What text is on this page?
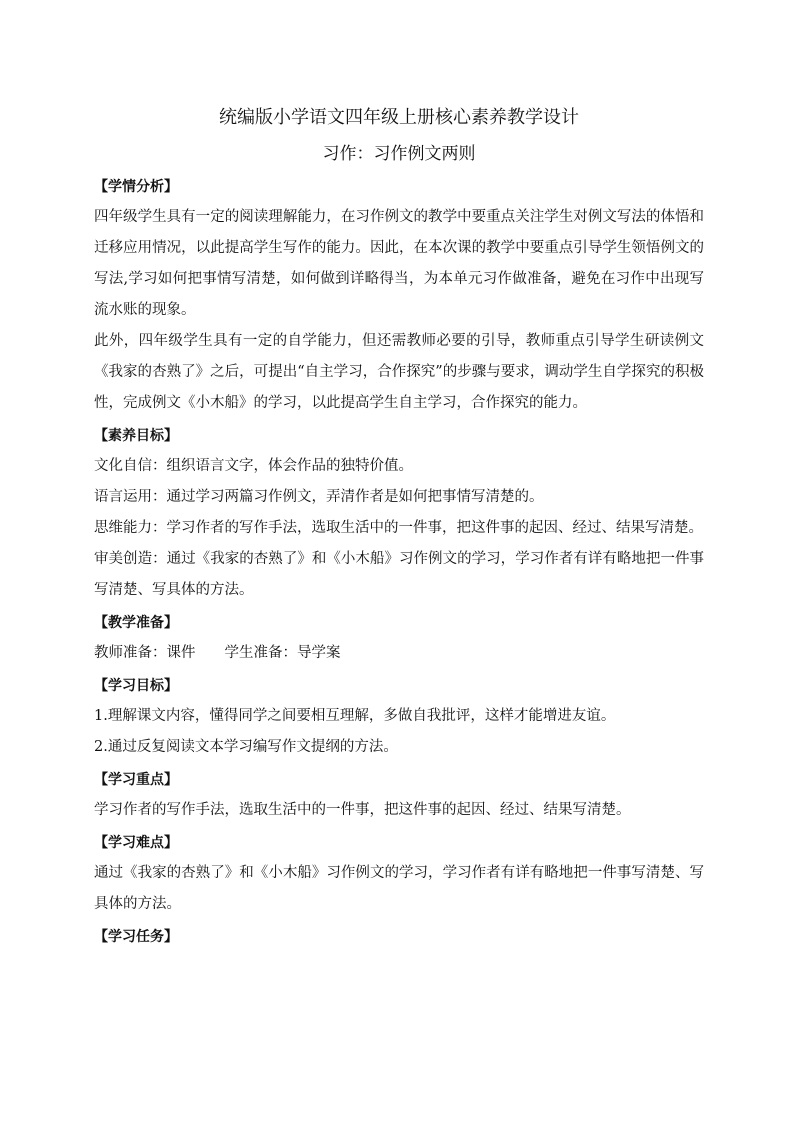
统编版小学语文四年级上册核心素养教学设计
习作：习作例文两则
【学情分析】

四年级学生具有一定的阅读理解能力，在习作例文的教学中要重点关注学生对例文写法的体悟和迁移应用情况，以此提高学生写作的能力。因此，在本次课的教学中要重点引导学生领悟例文的写法,学习如何把事情写清楚，如何做到详略得当，为本单元习作做准备，避免在习作中出现写流水账的现象。

此外，四年级学生具有一定的自学能力，但还需教师必要的引导，教师重点引导学生研读例文《我家的杏熟了》之后，可提出“自主学习，合作探究”的步骤与要求，调动学生自学探究的积极性，完成例文《小木船》的学习，以此提高学生自主学习，合作探究的能力。

【素养目标】

文化自信：组织语言文字，体会作品的独特价值。

语言运用：通过学习两篇习作例文，弄清作者是如何把事情写清楚的。

思维能力：学习作者的写作手法，选取生活中的一件事，把这件事的起因、经过、结果写清楚。

审美创造：通过《我家的杏熟了》和《小木船》习作例文的学习，学习作者有详有略地把一件事写清楚、写具体的方法。

【教学准备】

教师准备：课件　　学生准备：导学案

【学习目标】

1.理解课文内容，懂得同学之间要相互理解，多做自我批评，这样才能增进友谊。

2.通过反复阅读文本学习编写作文提纲的方法。

【学习重点】

学习作者的写作手法，选取生活中的一件事，把这件事的起因、经过、结果写清楚。

【学习难点】

通过《我家的杏熟了》和《小木船》习作例文的学习，学习作者有详有略地把一件事写清楚、写具体的方法。

【学习任务】
